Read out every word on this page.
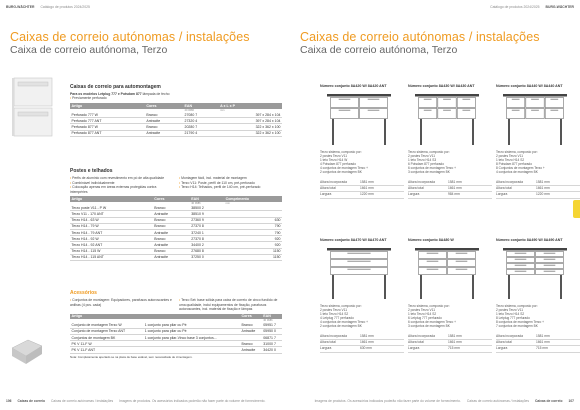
BURG-WÄCHTER Catálogo de produtos 2024/2025
Caixas de correio autónomas / instalações
Caixa de correio autónoma, Terzo
Caixas de correio para automontagem
Para os modelos Letplug 777 e Potsdam 877 lâmpada de fecho
• Previamente perfurado
Artigo	Cores	EAN	A x L x P
		40 0686	mm
Perfurado 777 W	Branco	27080 7	397 x 284 x 104
Perfurado 777 ANT	Antracite	27320 4	397 x 284 x 104
Perfurado 877 W	Branco	20280 7	322 x 362 x 100
Perfurado 877 ANT	Antracite	21790 4	322 x 362 x 100
Postes e telhados
• Perfis de alumínio com revestimento em pó de alta qualidade
• Combinável individualmente
• Colocação apenas em áreas externas protegidas contra intempéries
• Montagem fácil, incl. material de montagem
• Terzo V11: Poste, perfil de 110 cm, pré-perfurado
• Terzo H14: Telhados, perfil de 140 cm, pré-perfurado
Artigo	Cores	EAN	Comprimento
		40 0686	mm
Terzo poste V11 - P W	Branco	38500 2	
Terzo V11 - 170 ANT	Antracite	38510 9	
Terzo H14 - 63 W	Branco	27360 9	630
Terzo H14 - 79 W	Branco	27370 8	790
Terzo H14 - 79 ANT	Antracite	37240 1	790
Terzo H14 - 92 W	Branco	27370 8	920
Terzo H14 - 92 ANT	Antracite	34400 2	920
Terzo H14 - 115 W	Branco	27680 8	1150
Terzo H14 - 115 ANT	Antracite	37250 0	1150
Acessórios
• Conjuntos de montagem: Equipadores, parafusos autoroscantes e anilhas (4 pcs. cada)
• Terzo Set: base sólida para caixa de correio de cinco fundido de uma qualidade, inclui equipamentos de fixação, parafusos autoroscantes, incl. material de fixação e lâmpas
Artigo		Cores	EAN
			40 0686
Conjunto de montagem Terzo W	1 conjunto para pilar ou Pé	Branco	05951 7
Conjunto de montagem Terzo ANT	1 conjunto para pilar ou Pé	Antracite	05950 0
Conjuntos de montagem BK	1 conjunto para pilar-Vinco base 3 conjuntos...		06871 7
PK V 11-F W		Branco	31000 7
PK V 11-F ANT		Antracite	34420 0
Nota: Completamente apertado se na placa de base estável, sem necessidade de cimentagem.
106 Caixas de correio Caixas de correio autónomas / instalações Imagens de produtos. Os acessórios indicados poderão não fazer parte do volume de fornecimento.
Catálogo de produtos 2024/2025 BURG-WÄCHTER
Caixas de correio autónomas / instalações
Caixa de correio autónoma, Terzo
Número conjunto 8A420 W/ 8A420 ANT
Terzo sistema, composto por:
2 postes Terzo V11
1 teto Terzo H14 W
4 Potsdam 877 perfurado
4 conjuntos de montagem Terzo +
2 conjuntos de montagem BK
Altura incorporada	1581 mm
Altura total	1661 mm
Largura	1220 mm
Número conjunto 8A430 W/ 8A430 ANT
Terzo sistema, composto por:
2 postes Terzo V11
1 teto Terzo H14 S3
6 Potsdam 877 perfurado
6 conjuntos de montagem Terzo +
3 conjuntos de montagem BK
Altura incorporada	1581 mm
Altura total	1661 mm
Largura	984 mm
Número conjunto 8A440 W/ 8A440 ANT
Terzo sistema, composto por:
2 postes Terzo V11
1 teto Terzo H14 S2
8 Potsdam 877 perfurado
8 Conjuntos de montagem Terzo +
4 conjuntos de montagem BK
Altura incorporada	1581 mm
Altura total	1661 mm
Largura	1220 mm
Número conjunto 8A470 W/ 8A470 ANT
Terzo sistema, composto por:
2 postes Terzo V11
1 teto Terzo H14 S2
4 Letplug 777 perfurado
4 conjuntos de montagem Terzo +
2 conjuntos de montagem BK
Altura incorporada	1581 mm
Altura total	1661 mm
Largura	630 mm
Número conjunto 8A480 W
Terzo sistema, composto por:
2 postes Terzo V11
1 teto Terzo H14 S2
6 Letplug 777 perfurado
6 conjuntos de montagem Terzo +
3 conjuntos de montagem BK
Altura incorporada	1581 mm
Altura total	1661 mm
Largura	715 mm
Número conjunto 8A490 W/ 8A490 ANT
Terzo sistema, composto por:
2 postes Terzo V11
1 teto Terzo H14 S2
8 Letplug 777 perfurado
8 conjuntos de montagem Terzo +
7 conjuntos de montagem BK
Altura incorporada	1581 mm
Altura total	1661 mm
Largura	715 mm
Imagens de produtos. Os acessórios indicados poderão não fazer parte do volume de fornecimento. Caixas de correio autónomas / instalações Caixas de correio 107
